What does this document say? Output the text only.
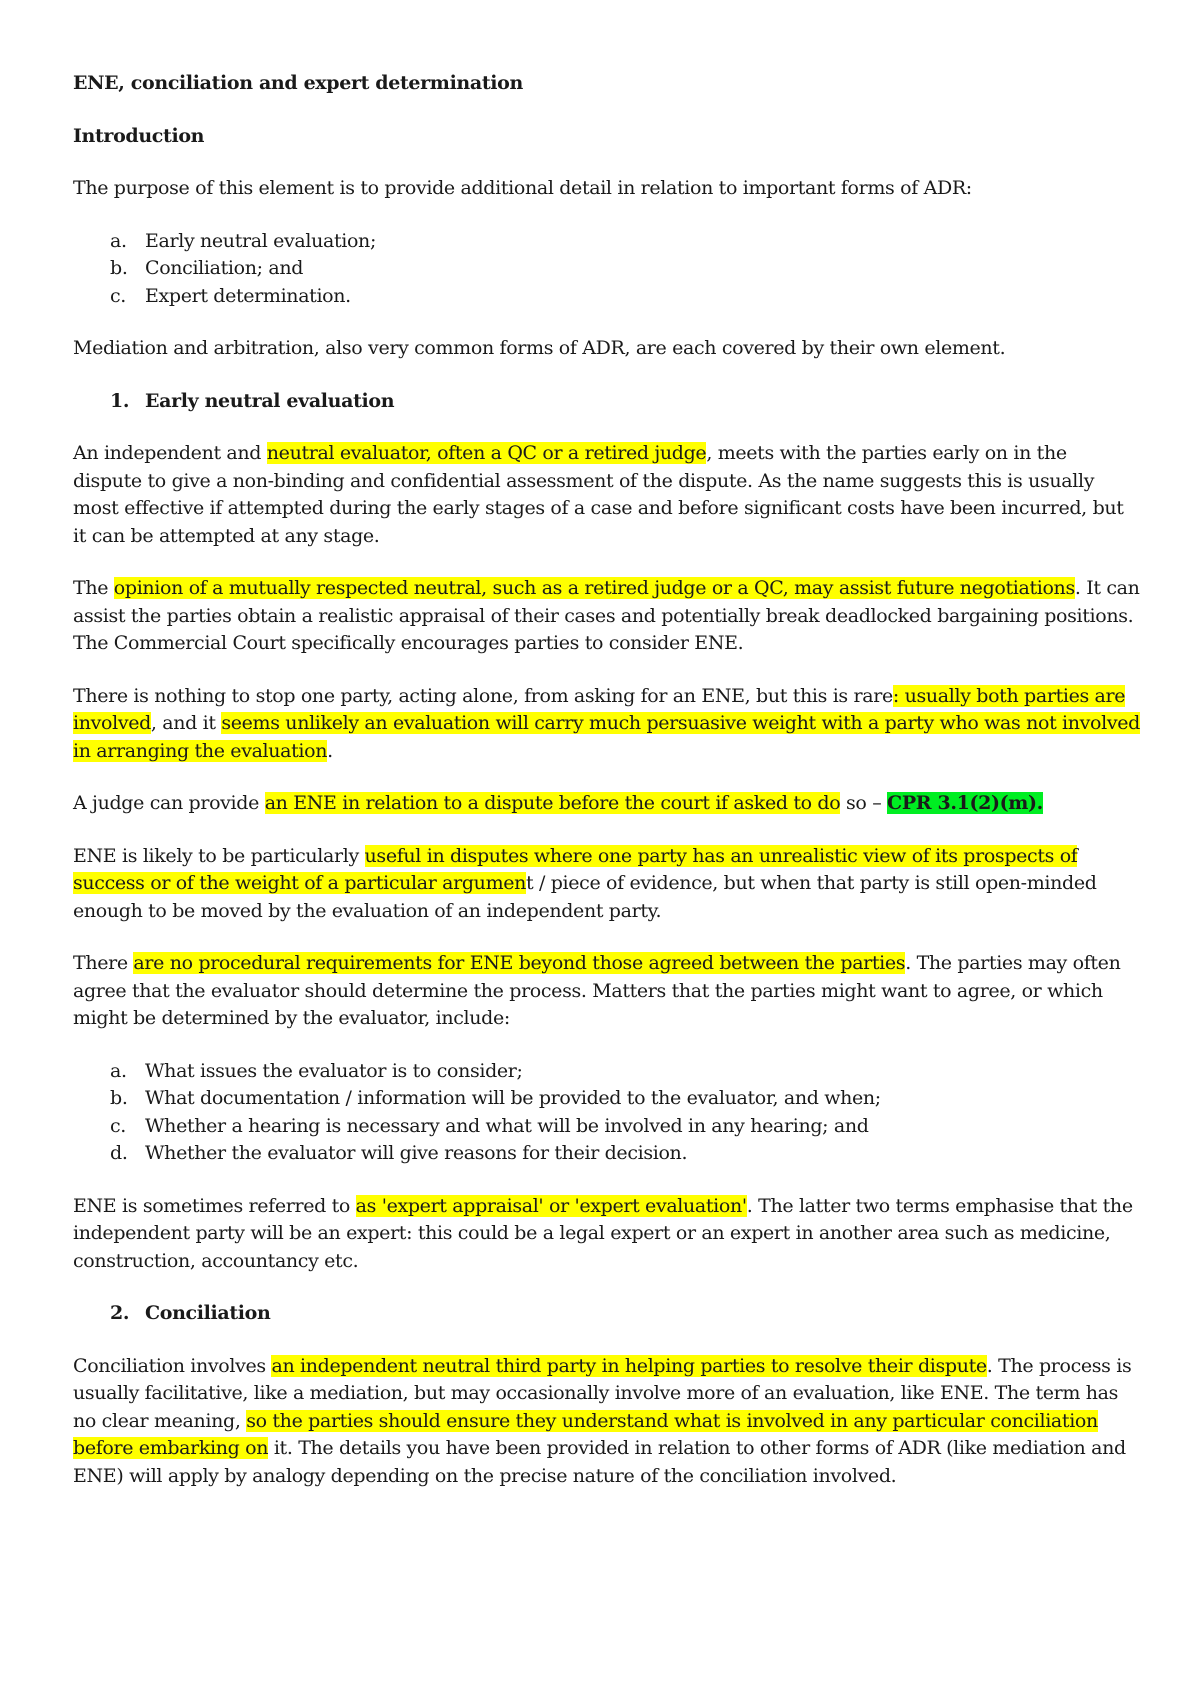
ENE, conciliation and expert determination

Introduction

The purpose of this element is to provide additional detail in relation to important forms of ADR:

a. Early neutral evaluation;
b. Conciliation; and
c. Expert determination.

Mediation and arbitration, also very common forms of ADR, are each covered by their own element.

1. Early neutral evaluation

An independent and neutral evaluator, often a QC or a retired judge, meets with the parties early on in the dispute to give a non-binding and confidential assessment of the dispute. As the name suggests this is usually most effective if attempted during the early stages of a case and before significant costs have been incurred, but it can be attempted at any stage.

The opinion of a mutually respected neutral, such as a retired judge or a QC, may assist future negotiations. It can assist the parties obtain a realistic appraisal of their cases and potentially break deadlocked bargaining positions. The Commercial Court specifically encourages parties to consider ENE.

There is nothing to stop one party, acting alone, from asking for an ENE, but this is rare: usually both parties are involved, and it seems unlikely an evaluation will carry much persuasive weight with a party who was not involved in arranging the evaluation.

A judge can provide an ENE in relation to a dispute before the court if asked to do so – CPR 3.1(2)(m).

ENE is likely to be particularly useful in disputes where one party has an unrealistic view of its prospects of success or of the weight of a particular argument / piece of evidence, but when that party is still open-minded enough to be moved by the evaluation of an independent party.

There are no procedural requirements for ENE beyond those agreed between the parties. The parties may often agree that the evaluator should determine the process. Matters that the parties might want to agree, or which might be determined by the evaluator, include:

a. What issues the evaluator is to consider;
b. What documentation / information will be provided to the evaluator, and when;
c. Whether a hearing is necessary and what will be involved in any hearing; and
d. Whether the evaluator will give reasons for their decision.

ENE is sometimes referred to as 'expert appraisal' or 'expert evaluation'. The latter two terms emphasise that the independent party will be an expert: this could be a legal expert or an expert in another area such as medicine, construction, accountancy etc.

2. Conciliation

Conciliation involves an independent neutral third party in helping parties to resolve their dispute. The process is usually facilitative, like a mediation, but may occasionally involve more of an evaluation, like ENE. The term has no clear meaning, so the parties should ensure they understand what is involved in any particular conciliation before embarking on it. The details you have been provided in relation to other forms of ADR (like mediation and ENE) will apply by analogy depending on the precise nature of the conciliation involved.
